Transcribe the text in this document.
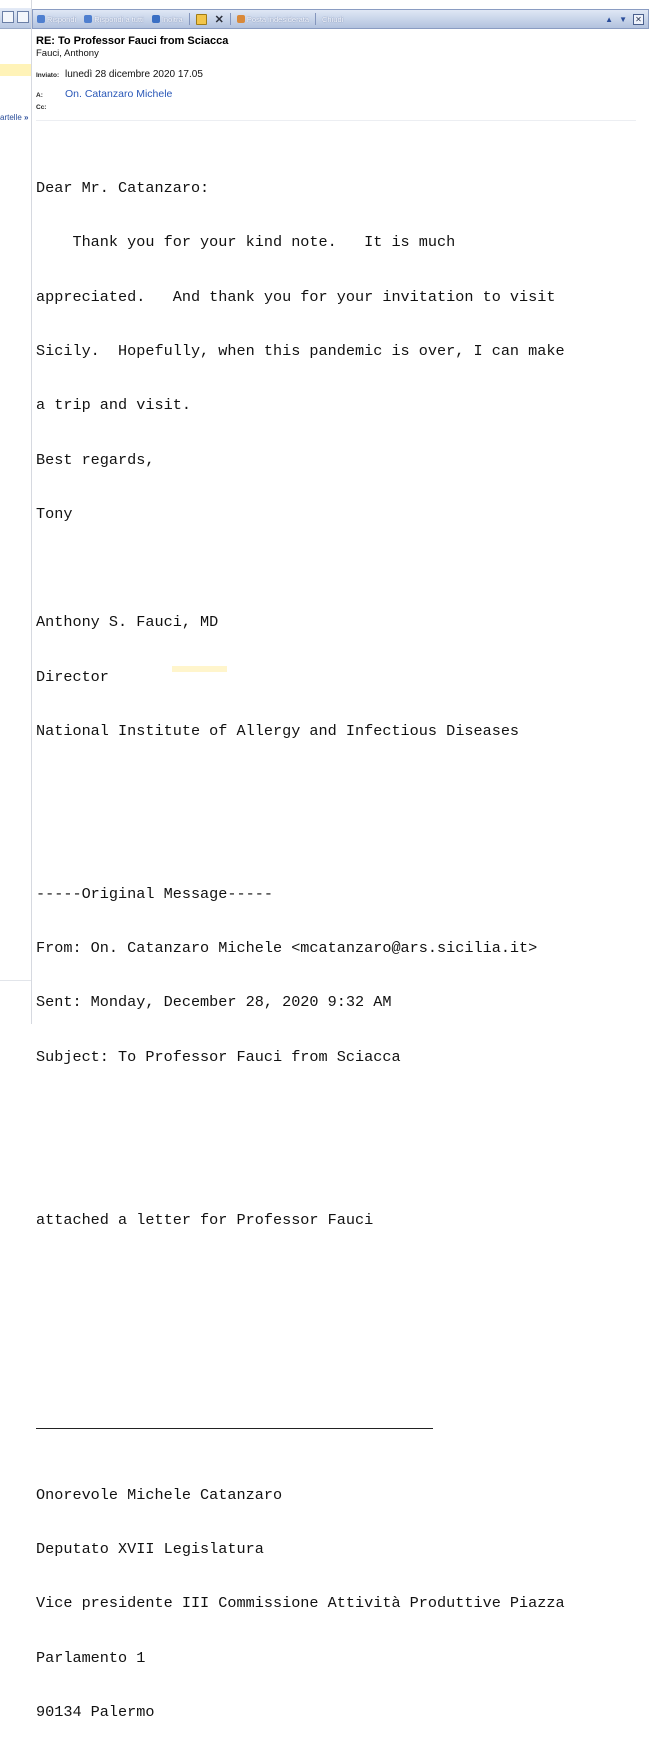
artelle »
Rispondi Rispondi a tutti Inoltra	✕	Posta indesiderata Chiudi	▲ ▼ ✕
RE: To Professor Fauci from Sciacca
Fauci, Anthony
Inviato: lunedì 28 dicembre 2020 17.05
A:	On. Catanzaro Michele
Cc:

Dear Mr. Catanzaro:

Thank you for your kind note.   It is much

appreciated.   And thank you for your invitation to visit

Sicily.  Hopefully, when this pandemic is over, I can make

a trip and visit.

Best regards,

Tony

Anthony S. Fauci, MD

Director

National Institute of Allergy and Infectious Diseases

-----Original Message-----

From: On. Catanzaro Michele <mcatanzaro@ars.sicilia.it>

Sent: Monday, December 28, 2020 9:32 AM

Subject: To Professor Fauci from Sciacca

attached a letter for Professor Fauci

Onorevole Michele Catanzaro

Deputato XVII Legislatura

Vice presidente III Commissione Attività Produttive Piazza

Parlamento 1

90134 Palermo
